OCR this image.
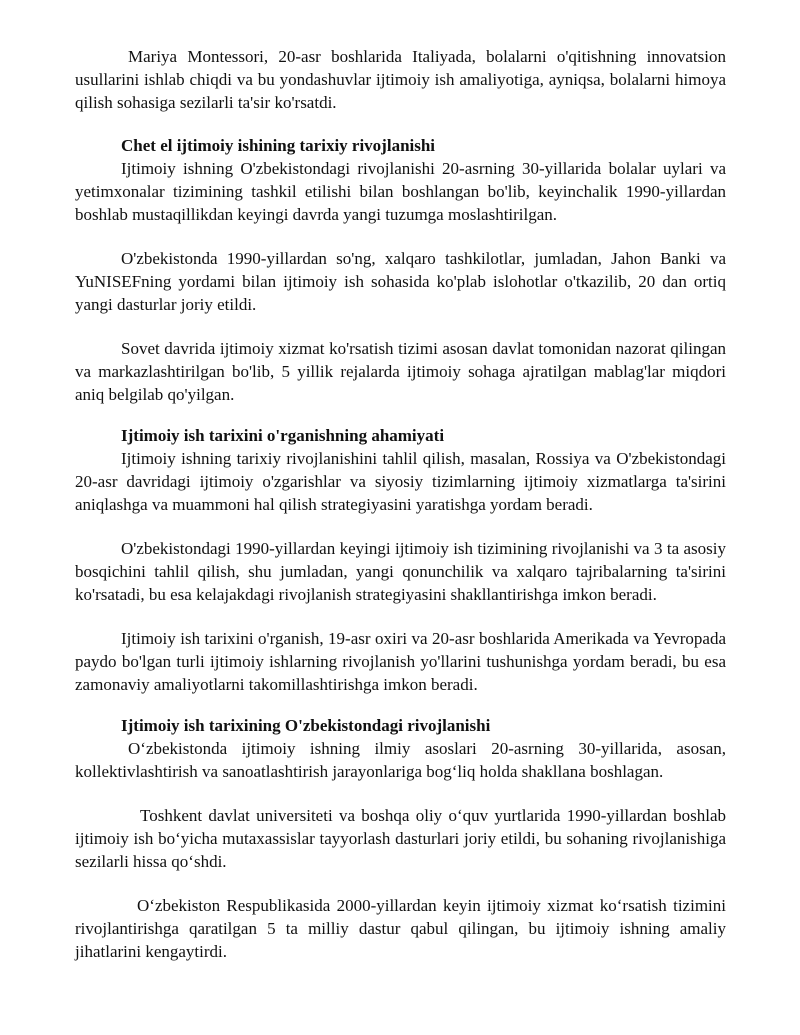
Mariya Montessori, 20-asr boshlarida Italiyada, bolalarni o'qitishning innovatsion usullarini ishlab chiqdi va bu yondashuvlar ijtimoiy ish amaliyotiga, ayniqsa, bolalarni himoya qilish sohasiga sezilarli ta'sir ko'rsatdi.

Chet el ijtimoiy ishining tarixiy rivojlanishi

Ijtimoiy ishning O'zbekistondagi rivojlanishi 20-asrning 30-yillarida bolalar uylari va yetimxonalar tizimining tashkil etilishi bilan boshlangan bo'lib, keyinchalik 1990-yillardan boshlab mustaqillikdan keyingi davrda yangi tuzumga moslashtirilgan.

O'zbekistonda 1990-yillardan so'ng, xalqaro tashkilotlar, jumladan, Jahon Banki va YuNISEFning yordami bilan ijtimoiy ish sohasida ko'plab islohotlar o'tkazilib, 20 dan ortiq yangi dasturlar joriy etildi.

Sovet davrida ijtimoiy xizmat ko'rsatish tizimi asosan davlat tomonidan nazorat qilingan va markazlashtirilgan bo'lib, 5 yillik rejalarda ijtimoiy sohaga ajratilgan mablag'lar miqdori aniq belgilab qo'yilgan.

Ijtimoiy ish tarixini o'rganishning ahamiyati

Ijtimoiy ishning tarixiy rivojlanishini tahlil qilish, masalan, Rossiya va O'zbekistondagi 20-asr davridagi ijtimoiy o'zgarishlar va siyosiy tizimlarning ijtimoiy xizmatlarga ta'sirini aniqlashga va muammoni hal qilish strategiyasini yaratishga yordam beradi.

O'zbekistondagi 1990-yillardan keyingi ijtimoiy ish tizimining rivojlanishi va 3 ta asosiy bosqichini tahlil qilish, shu jumladan, yangi qonunchilik va xalqaro tajribalarning ta'sirini ko'rsatadi, bu esa kelajakdagi rivojlanish strategiyasini shakllantirishga imkon beradi.

Ijtimoiy ish tarixini o'rganish, 19-asr oxiri va 20-asr boshlarida Amerikada va Yevropada paydo bo'lgan turli ijtimoiy ishlarning rivojlanish yo'llarini tushunishga yordam beradi, bu esa zamonaviy amaliyotlarni takomillashtirishga imkon beradi.

Ijtimoiy ish tarixining O'zbekistondagi rivojlanishi

O‘zbekistonda ijtimoiy ishning ilmiy asoslari 20-asrning 30-yillarida, asosan, kollektivlashtirish va sanoatlashtirish jarayonlariga bog‘liq holda shakllana boshlagan.

Toshkent davlat universiteti va boshqa oliy o‘quv yurtlarida 1990-yillardan boshlab ijtimoiy ish bo‘yicha mutaxassislar tayyorlash dasturlari joriy etildi, bu sohaning rivojlanishiga sezilarli hissa qo‘shdi.

O‘zbekiston Respublikasida 2000-yillardan keyin ijtimoiy xizmat ko‘rsatish tizimini rivojlantirishga qaratilgan 5 ta milliy dastur qabul qilingan, bu ijtimoiy ishning amaliy jihatlarini kengaytirdi.
